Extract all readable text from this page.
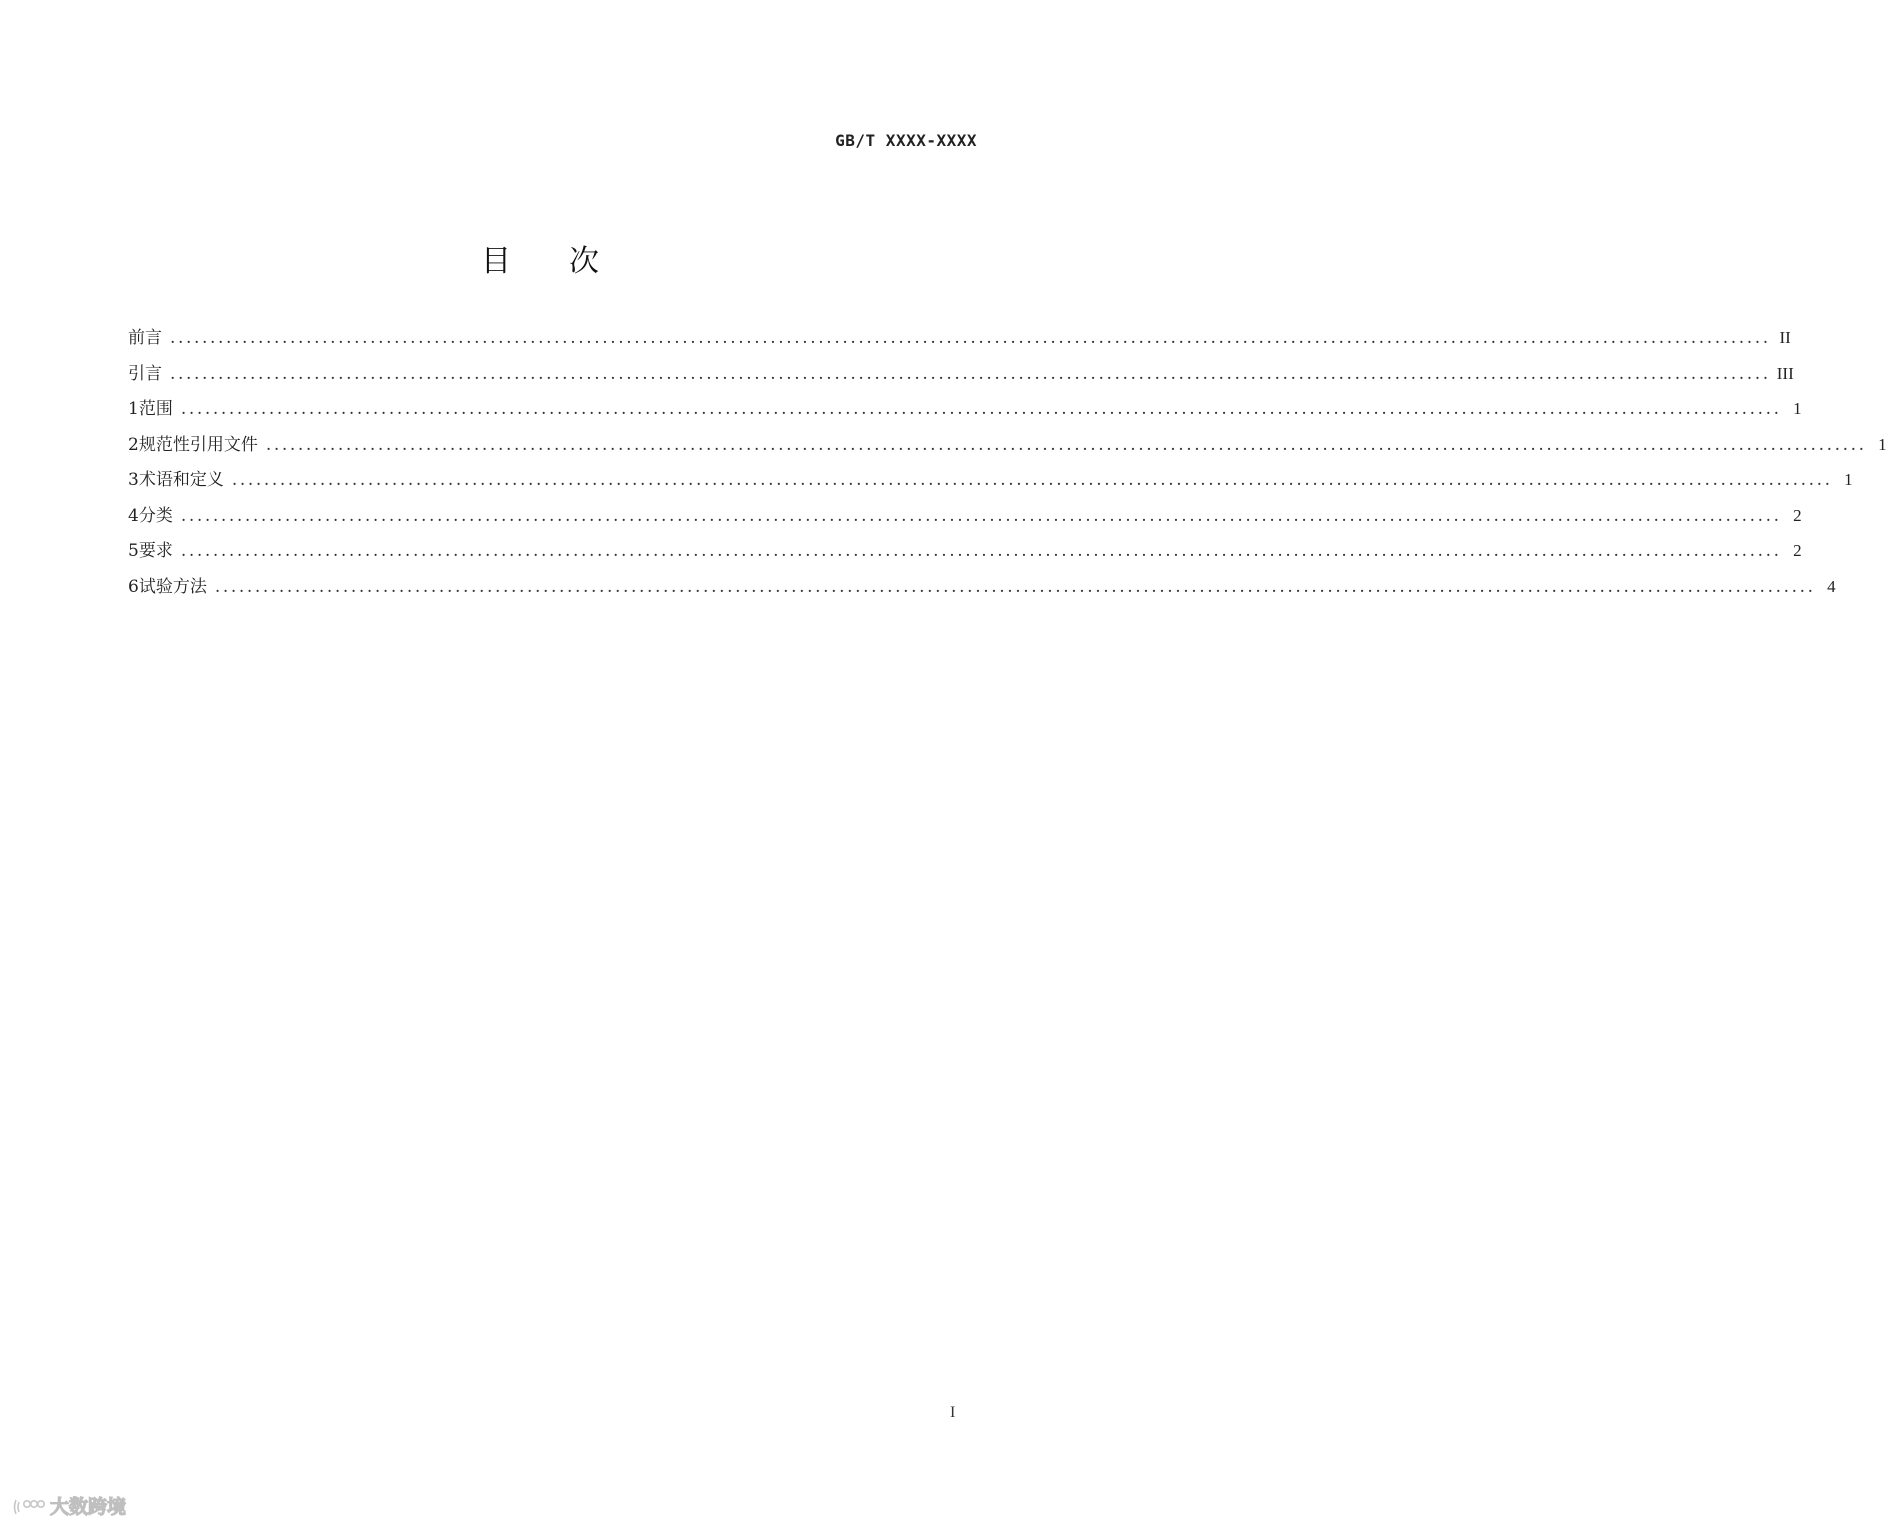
GB/T XXXX-XXXX
目 次
前言 ........................................................................................................................................................................................................ II
引言 ........................................................................................................................................................................................................ III
1 范围 ........................................................................................................................................................................................................ 1
2 规范性引用文件 ........................................................................................................................................................................................................ 1
3 术语和定义 ........................................................................................................................................................................................................ 1
4 分类 ........................................................................................................................................................................................................ 2
5 要求 ........................................................................................................................................................................................................ 2
6 试验方法 ........................................................................................................................................................................................................ 4
I
大数跨境
